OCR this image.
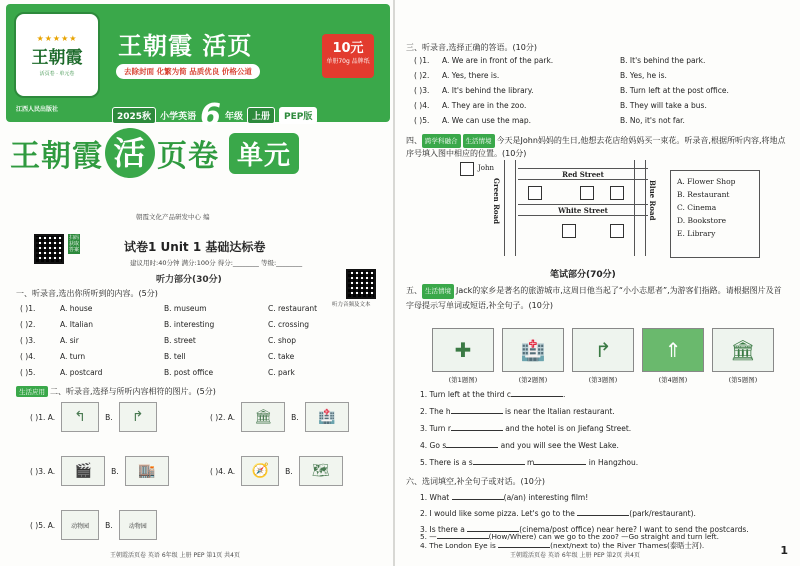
★★★★★
王朝霞
活页卷 · 单元卷
王朝霞 活页
去除封面 化繁为简 品质优良 价格公道
10元
单册70g 品牌纸
江西人民出版社
2025秋	小学英语 6 年级	上册	PEP版
王朝霞 活 页卷 单元
朝霞文化产品研发中心 编
扫码获取答案
听力音频及文本
试卷1 Unit 1 基础达标卷
建议用时:40分钟 满分:100分 得分:________ 等级:________
听力部分(30分)
一、听录音,选出你所听到的内容。(5分)
( )1.	A. house	B. museum	C. restaurant
( )2.	A. Italian	B. interesting	C. crossing
( )3.	A. sir	B. street	C. shop
( )4.	A. turn	B. tell	C. take
( )5.	A. postcard	B. post office	C. park
生活应用 二、听录音,选择与所听内容相符的图片。(5分)
( )1. A.	↰	B.	↱	( )2. A.	🏛	B.	🏥
( )3. A.	🎬	B.	🏬	( )4. A.	🧭	B.	🗺
( )5. A.	动物园 B.	动物园
王朝霞活页卷 英语 6年级 上册 PEP 第1页 共4页
三、听录音,选择正确的答语。(10分)
( )1.	A. We are in front of the park.	B. It's behind the park.
( )2.	A. Yes, there is.	B. Yes, he is.
( )3.	A. It's behind the library.	B. Turn left at the post office.
( )4.	A. They are in the zoo.	B. They will take a bus.
( )5.	A. We can use the map.	B. No, it's not far.
四、 跨学科融合 生活情境 今天是John妈妈的生日,他想去花店给妈妈买一束花。听录音,根据所听内容,将地点序号填入图中相应的位置。(10分)
John
Red Street
White Street
Green Road	Blue Road	A. Flower Shop
B. Restaurant
C. Cinema
D. Bookstore
E. Library
笔试部分(70分)
五、 生活情境 Jack的家乡是著名的旅游城市,这周日他当起了“小小志愿者”,为游客们指路。请根据图片及首字母提示写单词或短语,补全句子。(10分)
✚
(第1题图)
🏥
(第2题图)
↱
(第3题图)
⇑
(第4题图)
🏛
(第5题图)
1. Turn left at the third c	.
2. The h	is near the Italian restaurant.
3. Turn r	and the hotel is on Jiefang Street.
4. Go s	and you will see the West Lake.
5. There is a s	m	in Hangzhou.
六、选词填空,补全句子或对话。(10分)
1. What	(a/an) interesting film!
2. I would like some pizza. Let's go to the	(park/restaurant).
3. Is there a	(cinema/post office) near here? I want to send the postcards.
4. The London Eye is	(next/next to) the River Thames(泰晤士河).	1
5. —	(How/Where) can we go to the zoo? —Go straight and turn left.
王朝霞活页卷 英语 6年级 上册 PEP 第2页 共4页
